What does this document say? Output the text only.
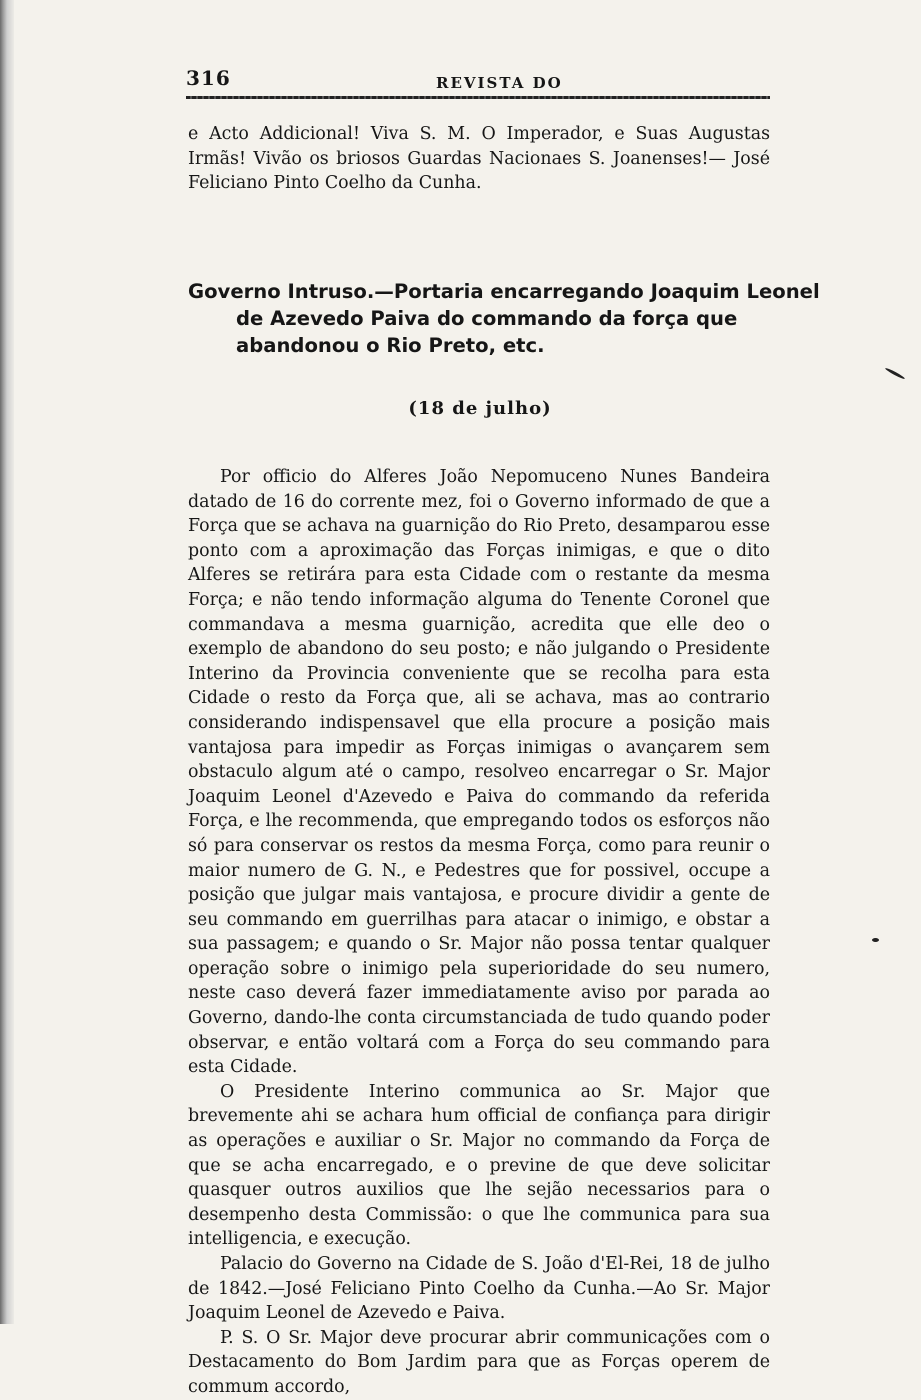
316	REVISTA DO
e Acto Addicional! Viva S. M. O Imperador, e Suas Augustas Irmãs! Vivão os briosos Guardas Nacionaes S. Joanenses!— José Feliciano Pinto Coelho da Cunha.
Governo Intruso.—Portaria encarregando Joaquim Leonel de Azevedo Paiva do commando da força que abandonou o Rio Preto, etc.
(18 de julho)

Por officio do Alferes João Nepomuceno Nunes Bandeira datado de 16 do corrente mez, foi o Governo informado de que a Força que se achava na guarnição do Rio Preto, desamparou esse ponto com a aproximação das Forças inimigas, e que o dito Alferes se retirára para esta Cidade com o restante da mesma Força; e não tendo informação alguma do Tenente Coronel que commandava a mesma guarnição, acredita que elle deo o exemplo de abandono do seu posto; e não julgando o Presidente Interino da Provincia conveniente que se recolha para esta Cidade o resto da Força que, ali se achava, mas ao contrario considerando indispensavel que ella procure a posição mais vantajosa para impedir as Forças inimigas o avançarem sem obstaculo algum até o campo, resolveo encarregar o Sr. Major Joaquim Leonel d'Azevedo e Paiva do commando da referida Força, e lhe recommenda, que empregando todos os esforços não só para conservar os restos da mesma Força, como para reunir o maior numero de G. N., e Pedestres que for possivel, occupe a posição que julgar mais vantajosa, e procure dividir a gente de seu commando em guerrilhas para atacar o inimigo, e obstar a sua passagem; e quando o Sr. Major não possa tentar qualquer operação sobre o inimigo pela superioridade do seu numero, neste caso deverá fazer immediatamente aviso por parada ao Governo, dando-lhe conta circumstanciada de tudo quando poder observar, e então voltará com a Força do seu commando para esta Cidade.

O Presidente Interino communica ao Sr. Major que brevemente ahi se achara hum official de confiança para dirigir as operações e auxiliar o Sr. Major no commando da Força de que se acha encarregado, e o previne de que deve solicitar quasquer outros auxilios que lhe sejão necessarios para o desempenho desta Commissão: o que lhe communica para sua intelligencia, e execução.

Palacio do Governo na Cidade de S. João d'El-Rei, 18 de julho de 1842.—José Feliciano Pinto Coelho da Cunha.—Ao Sr. Major Joaquim Leonel de Azevedo e Paiva.

P. S. O Sr. Major deve procurar abrir communicações com o Destacamento do Bom Jardim para que as Forças operem de commum accordo,
